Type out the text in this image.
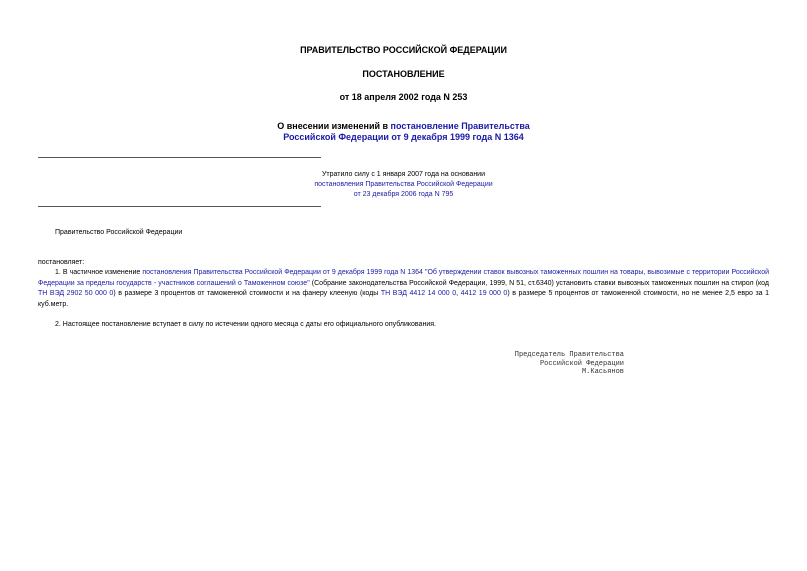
ПРАВИТЕЛЬСТВО РОССИЙСКОЙ ФЕДЕРАЦИИ
ПОСТАНОВЛЕНИЕ
от 18 апреля 2002 года N 253
О внесении изменений в постановление Правительства
Российской Федерации от 9 декабря 1999 года N 1364
Утратило силу с 1 января 2007 года на основании
постановления Правительства Российской Федерации
от 23 декабря 2006 года N 795
Правительство Российской Федерации
постановляет:
1. В частичное изменение постановления Правительства Российской Федерации от 9 декабря 1999 года N 1364 "Об утверждении ставок вывозных таможенных пошлин на товары, вывозимые с территории Российской Федерации за пределы государств - участников соглашений о Таможенном союзе" (Собрание законодательства Российской Федерации, 1999, N 51, ст.6340) установить ставки вывозных таможенных пошлин на стирол (код ТН ВЭД 2902 50 000 0) в размере 3 процентов от таможенной стоимости и на фанеру клееную (коды ТН ВЭД 4412 14 000 0, 4412 19 000 0) в размере 5 процентов от таможенной стоимости, но не менее 2,5 евро за 1 куб.метр.
2. Настоящее постановление вступает в силу по истечении одного месяца с даты его официального опубликования.
Председатель Правительства
Российской Федерации
М.Касьянов
